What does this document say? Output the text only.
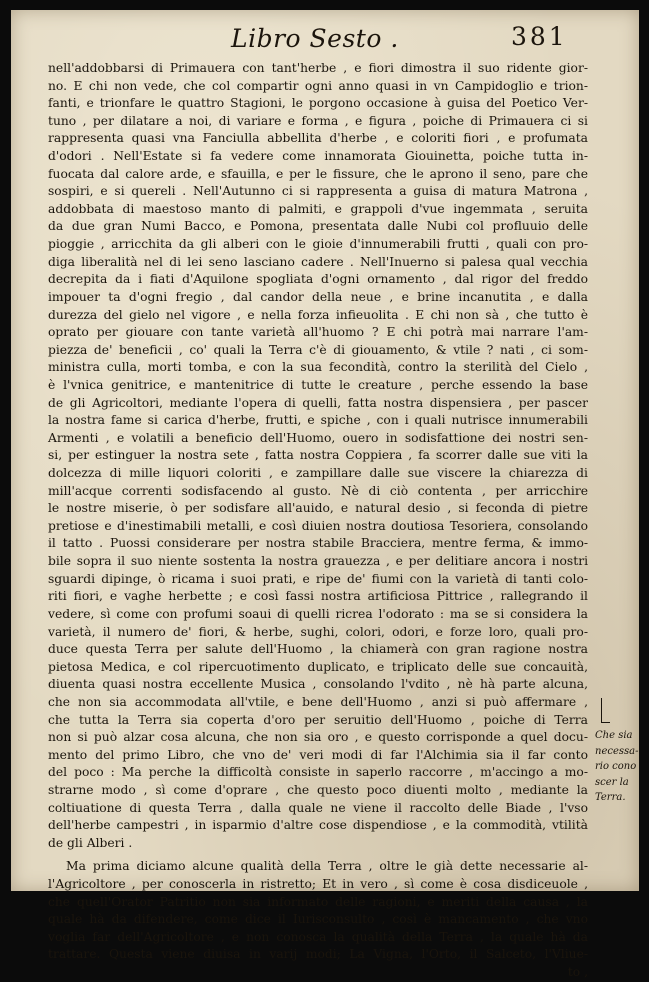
Libro Sesto .	381
nell'addobbarsi di Primauera con tant'herbe , e fiori dimostra il suo ridente gior-
no. E chi non vede, che col compartir ogni anno quasi in vn Campidoglio e trion-
fanti, e trionfare le quattro Stagioni, le porgono occasione à guisa del Poetico Ver-
tuno , per dilatare a noi, di variare e forma , e figura , poiche di Primauera ci si
rappresenta quasi vna Fanciulla abbellita d'herbe , e coloriti fiori , e profumata
d'odori . Nell'Estate si fa vedere come innamorata Giouinetta, poiche tutta in-
fuocata dal calore arde, e sfauilla, e per le fissure, che le aprono il seno, pare che
sospiri, e si quereli . Nell'Autunno ci si rappresenta a guisa di matura Matrona ,
addobbata di maestoso manto di palmiti, e grappoli d'vue ingemmata , seruita
da due gran Numi Bacco, e Pomona, presentata dalle Nubi col profluuio delle
pioggie , arricchita da gli alberi con le gioie d'innumerabili frutti , quali con pro-
diga liberalità nel di lei seno lasciano cadere . Nell'Inuerno si palesa qual vecchia
decrepita da i fiati d'Aquilone spogliata d'ogni ornamento , dal rigor del freddo
impouer ta d'ogni fregio , dal candor della neue , e brine incanutita , e dalla
durezza del gielo nel vigore , e nella forza infieuolita . E chi non sà , che tutto è
oprato per giouare con tante varietà all'huomo ? E chi potrà mai narrare l'am-
piezza de' beneficii , co' quali la Terra c'è di giouamento, & vtile ? nati , ci som-
ministra culla, morti tomba, e con la sua fecondità, contro la sterilità del Cielo ,
è l'vnica genitrice, e mantenitrice di tutte le creature , perche essendo la base
de gli Agricoltori, mediante l'opera di quelli, fatta nostra dispensiera , per pascer
la nostra fame si carica d'herbe, frutti, e spiche , con i quali nutrisce innumerabili
Armenti , e volatili a beneficio dell'Huomo, ouero in sodisfattione dei nostri sen-
si, per estinguer la nostra sete , fatta nostra Coppiera , fa scorrer dalle sue viti la
dolcezza di mille liquori coloriti , e zampillare dalle sue viscere la chiarezza di
mill'acque correnti sodisfacendo al gusto. Nè di ciò contenta , per arricchire
le nostre miserie, ò per sodisfare all'auido, e natural desio , si feconda di pietre
pretiose e d'inestimabili metalli, e così diuien nostra doutiosa Tesoriera, consolando
il tatto . Puossi considerare per nostra stabile Bracciera, mentre ferma, & immo-
bile sopra il suo niente sostenta la nostra grauezza , e per delitiare ancora i nostri
sguardi dipinge, ò ricama i suoi prati, e ripe de' fiumi con la varietà di tanti colo-
riti fiori, e vaghe herbette ; e così fassi nostra artificiosa Pittrice , rallegrando il
vedere, sì come con profumi soaui di quelli ricrea l'odorato : ma se si considera la
varietà, il numero de' fiori, & herbe, sughi, colori, odori, e forze loro, quali pro-
duce questa Terra per salute dell'Huomo , la chiamerà con gran ragione nostra
pietosa Medica, e col ripercuotimento duplicato, e triplicato delle sue concauità,
diuenta quasi nostra eccellente Musica , consolando l'vdito , nè hà parte alcuna,
che non sia accommodata all'vtile, e bene dell'Huomo , anzi si può affermare ,
che tutta la Terra sia coperta d'oro per seruitio dell'Huomo , poiche di Terra
non si può alzar cosa alcuna, che non sia oro , e questo corrisponde a quel docu-
mento del primo Libro, che vno de' veri modi di far l'Alchimia sia il far conto
del poco : Ma perche la difficoltà consiste in saperlo raccorre , m'accingo a mo-
strarne modo , sì come d'oprare , che questo poco diuenti molto , mediante la
coltiuatione di questa Terra , dalla quale ne viene il raccolto delle Biade , l'vso
dell'herbe campestri , in isparmio d'altre cose dispendiose , e la commodità, vtilità
de gli Alberi .
Ma prima diciamo alcune qualità della Terra , oltre le già dette necessarie al-
l'Agricoltore , per conoscerla in ristretto; Et in vero , sì come è cosa disdiceuole ,
che quell'Orator Patritio non sia informato delle ragioni, e meriti della causa , la
quale hà da difendere, come dice il Iurisconsulto , così è mancamento , che vno
voglia far dell'Agricoltore , e non conosca la qualità della Terra , la quale hà da
trattare. Questa viene diuisa in varij modi; La Vigna, l'Orto, il Salceto, l'Vliue-
to ,
Che sia
necessa-
rio cono
scer la
Terra.
